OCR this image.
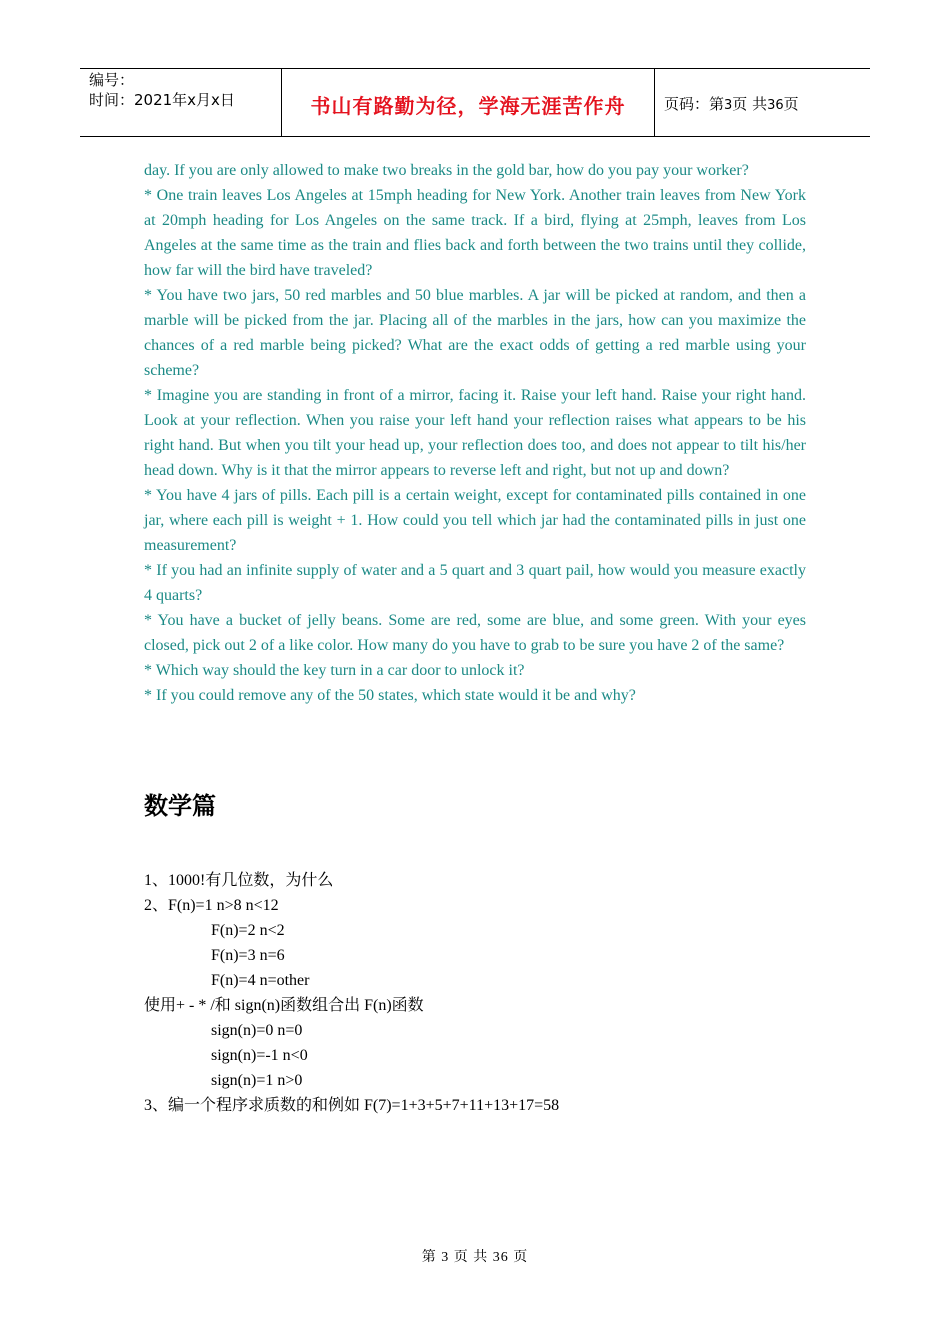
编号：
时间：2021年x月x日	书山有路勤为径，学海无涯苦作舟	页码：第3页 共36页

day. If you are only allowed to make two breaks in the gold bar, how do you pay your worker?

* One train leaves Los Angeles at 15mph heading for New York. Another train leaves from New York at 20mph heading for Los Angeles on the same track. If a bird, flying at 25mph, leaves from Los Angeles at the same time as the train and flies back and forth between the two trains until they collide, how far will the bird have traveled?

* You have two jars, 50 red marbles and 50 blue marbles. A jar will be picked at random, and then a marble will be picked from the jar. Placing all of the marbles in the jars, how can you maximize the chances of a red marble being picked? What are the exact odds of getting a red marble using your scheme?

* Imagine you are standing in front of a mirror, facing it. Raise your left hand. Raise your right hand. Look at your reflection. When you raise your left hand your reflection raises what appears to be his right hand. But when you tilt your head up, your reflection does too, and does not appear to tilt his/her head down. Why is it that the mirror appears to reverse left and right, but not up and down?

* You have 4 jars of pills. Each pill is a certain weight, except for contaminated pills contained in one jar, where each pill is weight + 1. How could you tell which jar had the contaminated pills in just one measurement?

* If you had an infinite supply of water and a 5 quart and 3 quart pail, how would you measure exactly 4 quarts?

* You have a bucket of jelly beans. Some are red, some are blue, and some green. With your eyes closed, pick out 2 of a like color. How many do you have to grab to be sure you have 2 of the same?

* Which way should the key turn in a car door to unlock it?

* If you could remove any of the 50 states, which state would it be and why?

数学篇
1、1000!有几位数，为什么
2、F(n)=1 n>8 n<12
F(n)=2 n<2
F(n)=3 n=6
F(n)=4 n=other
使用+ - * /和 sign(n)函数组合出 F(n)函数
sign(n)=0 n=0
sign(n)=-1 n<0
sign(n)=1 n>0
3、编一个程序求质数的和例如 F(7)=1+3+5+7+11+13+17=58
第 3 页 共 36 页
